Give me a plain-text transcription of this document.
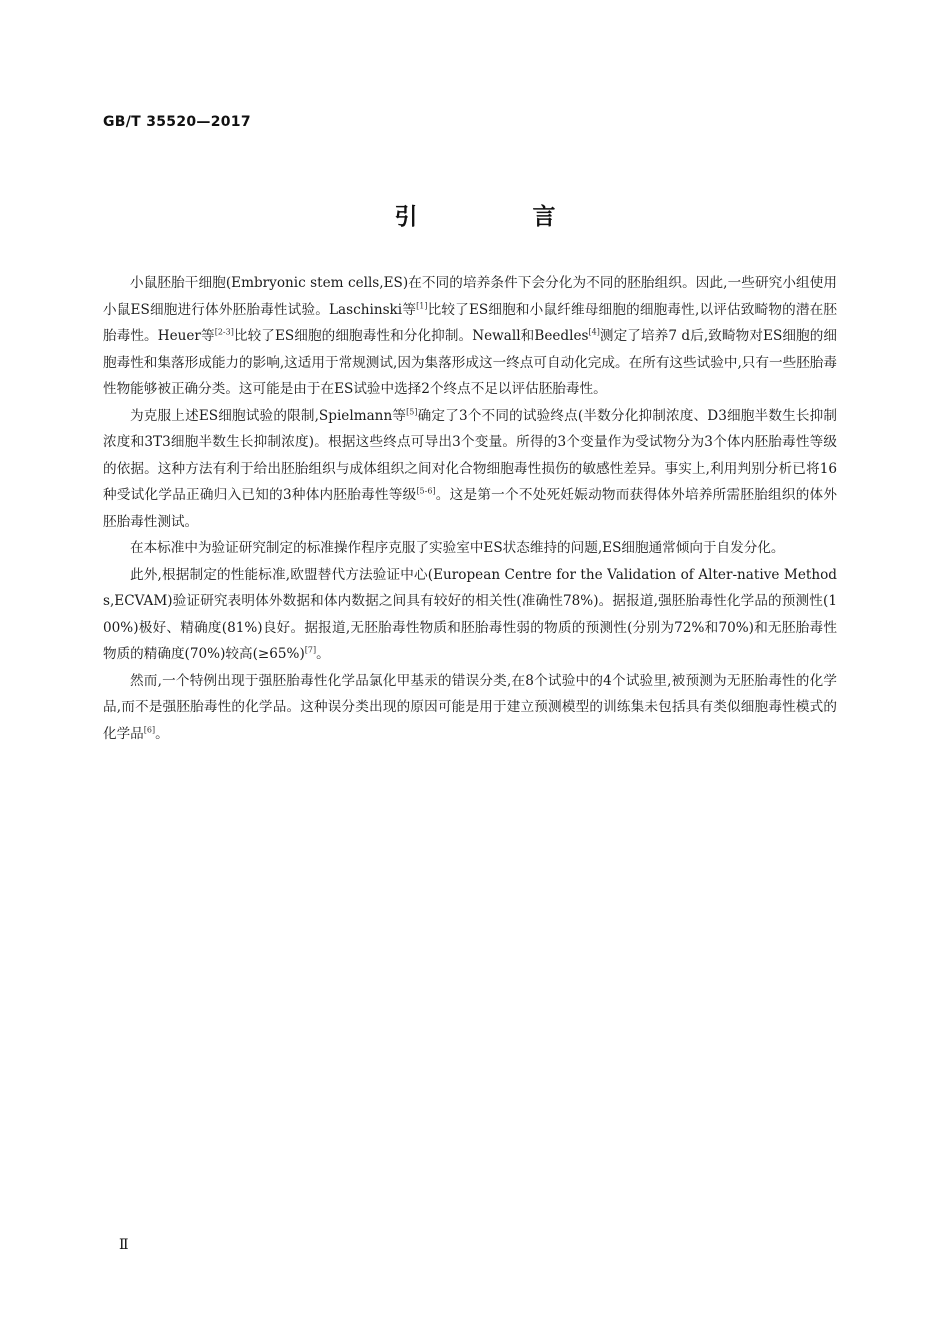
GB/T 35520—2017
引　言

小鼠胚胎干细胞(Embryonic stem cells,ES)在不同的培养条件下会分化为不同的胚胎组织。因此,一些研究小组使用小鼠ES细胞进行体外胚胎毒性试验。Laschinski等[1]比较了ES细胞和小鼠纤维母细胞的细胞毒性,以评估致畸物的潜在胚胎毒性。Heuer等[2-3]比较了ES细胞的细胞毒性和分化抑制。Newall和Beedles[4]测定了培养7 d后,致畸物对ES细胞的细胞毒性和集落形成能力的影响,这适用于常规测试,因为集落形成这一终点可自动化完成。在所有这些试验中,只有一些胚胎毒性物能够被正确分类。这可能是由于在ES试验中选择2个终点不足以评估胚胎毒性。

为克服上述ES细胞试验的限制,Spielmann等[5]确定了3个不同的试验终点(半数分化抑制浓度、D3细胞半数生长抑制浓度和3T3细胞半数生长抑制浓度)。根据这些终点可导出3个变量。所得的3个变量作为受试物分为3个体内胚胎毒性等级的依据。这种方法有利于给出胚胎组织与成体组织之间对化合物细胞毒性损伤的敏感性差异。事实上,利用判别分析已将16种受试化学品正确归入已知的3种体内胚胎毒性等级[5-6]。这是第一个不处死妊娠动物而获得体外培养所需胚胎组织的体外胚胎毒性测试。

在本标准中为验证研究制定的标准操作程序克服了实验室中ES状态维持的问题,ES细胞通常倾向于自发分化。

此外,根据制定的性能标准,欧盟替代方法验证中心(European Centre for the Validation of Alter-native Methods,ECVAM)验证研究表明体外数据和体内数据之间具有较好的相关性(准确性78%)。据报道,强胚胎毒性化学品的预测性(100%)极好、精确度(81%)良好。据报道,无胚胎毒性物质和胚胎毒性弱的物质的预测性(分别为72%和70%)和无胚胎毒性物质的精确度(70%)较高(≥65%)[7]。

然而,一个特例出现于强胚胎毒性化学品氯化甲基汞的错误分类,在8个试验中的4个试验里,被预测为无胚胎毒性的化学品,而不是强胚胎毒性的化学品。这种误分类出现的原因可能是用于建立预测模型的训练集未包括具有类似细胞毒性模式的化学品[6]。

Ⅱ
